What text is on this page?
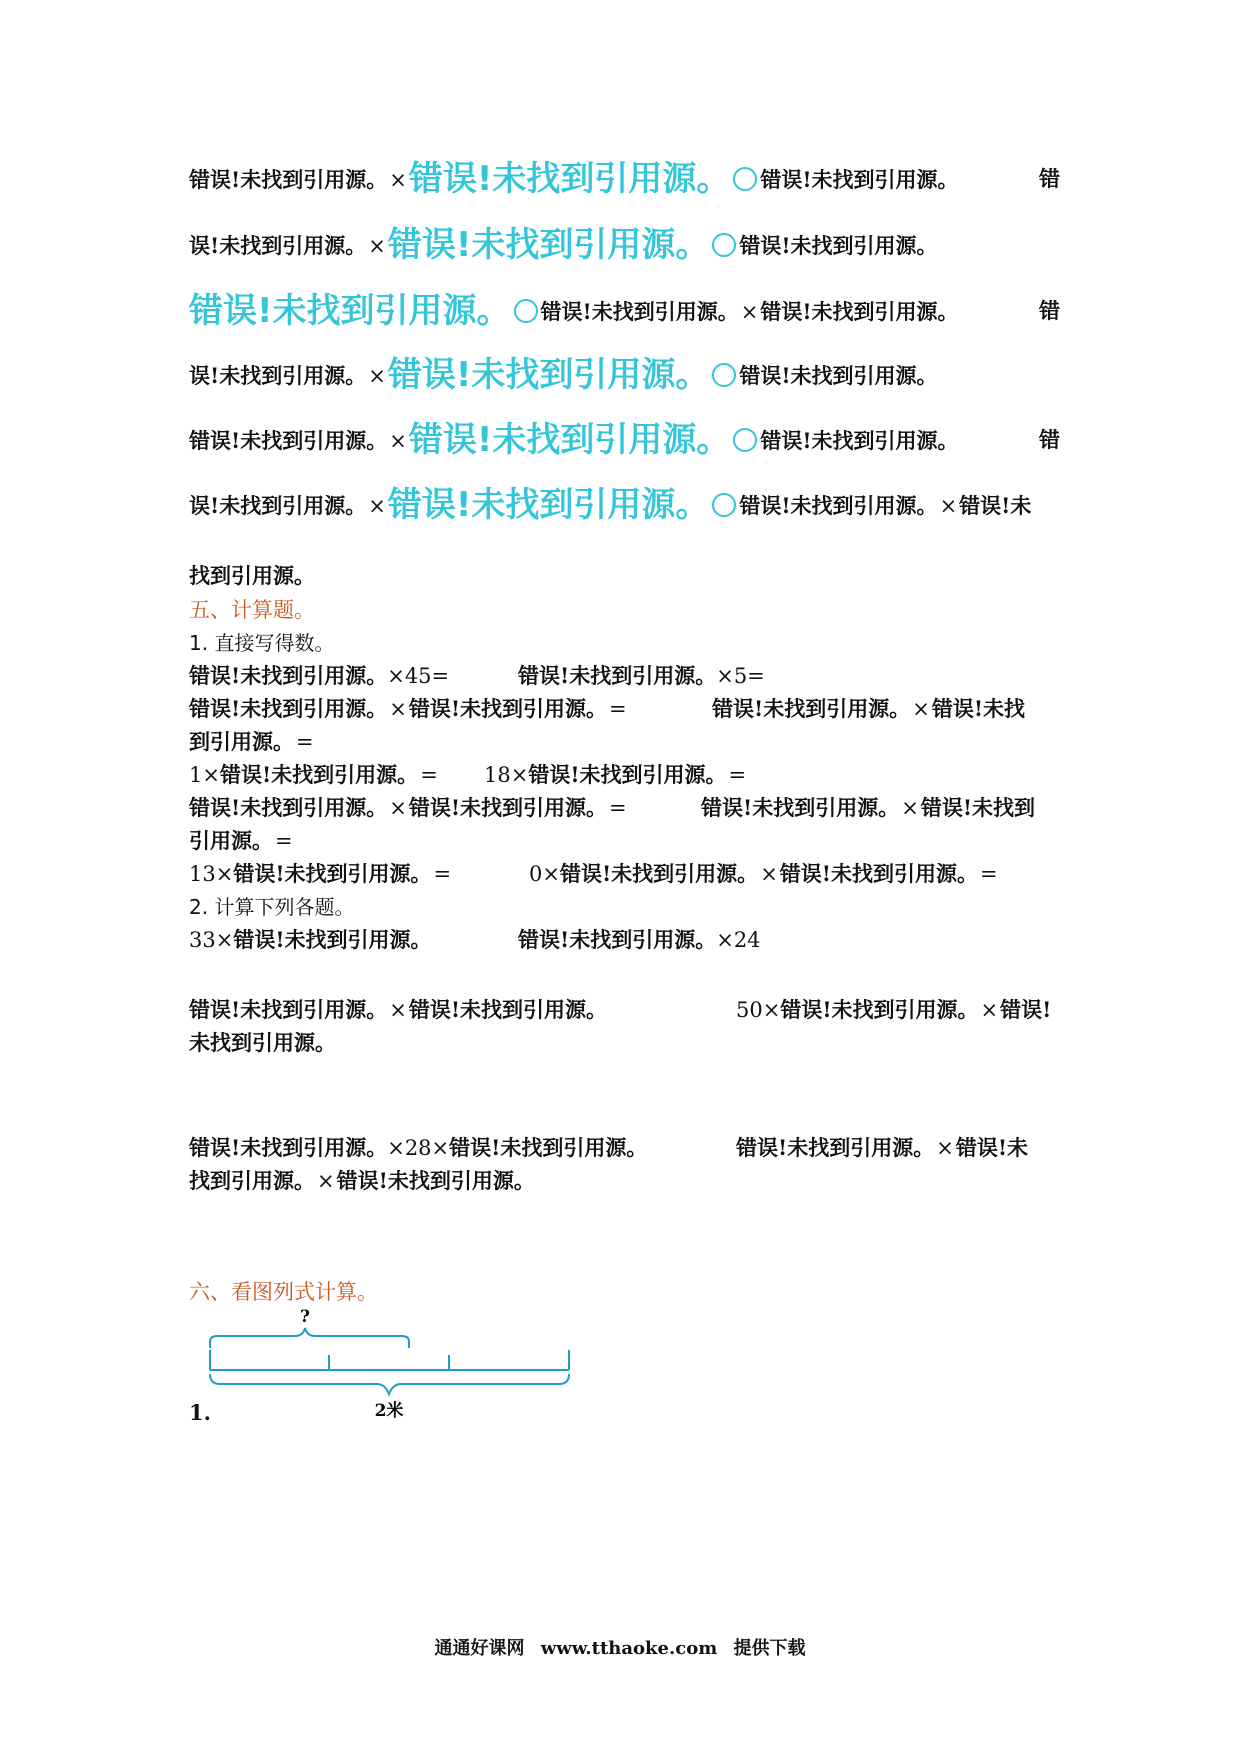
错误!未找到引用源。×错误!未找到引用源。 错误!未找到引用源。	错
误!未找到引用源。×错误!未找到引用源。 错误!未找到引用源。
错误!未找到引用源。 错误!未找到引用源。×错误!未找到引用源。	错
误!未找到引用源。×错误!未找到引用源。 错误!未找到引用源。
错误!未找到引用源。×错误!未找到引用源。 错误!未找到引用源。	错
误!未找到引用源。×错误!未找到引用源。 错误!未找到引用源。×错误!未
找到引用源。
五、计算题。
1. 直接写得数。
错误!未找到引用源。×45=	错误!未找到引用源。×5=
错误!未找到引用源。×错误!未找到引用源。=	错误!未找到引用源。×错误!未找
到引用源。=
1×错误!未找到引用源。= 18×错误!未找到引用源。=
错误!未找到引用源。×错误!未找到引用源。=	错误!未找到引用源。×错误!未找到
引用源。=
13×错误!未找到引用源。=	0×错误!未找到引用源。×错误!未找到引用源。=
2. 计算下列各题。
33×错误!未找到引用源。	错误!未找到引用源。×24
错误!未找到引用源。×错误!未找到引用源。	50×错误!未找到引用源。×错误!
未找到引用源。
错误!未找到引用源。×28×错误!未找到引用源。	错误!未找到引用源。×错误!未
找到引用源。×错误!未找到引用源。
六、看图列式计算。
?
2米
1.
通通好课网 www.tthaoke.com 提供下载
